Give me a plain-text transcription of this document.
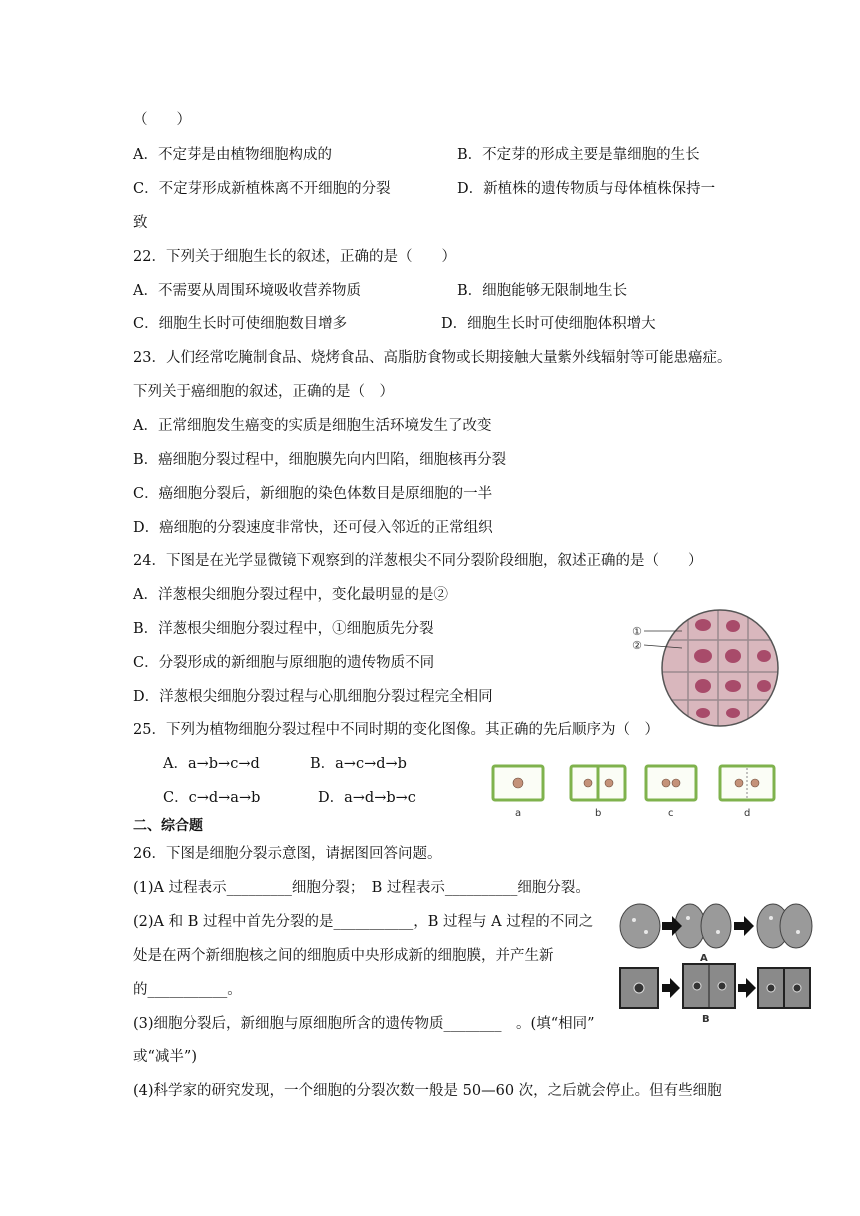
（　　）
A．不定芽是由植物细胞构成的	B．不定芽的形成主要是靠细胞的生长
C．不定芽形成新植株离不开细胞的分裂	D．新植株的遗传物质与母体植株保持一
致
22．下列关于细胞生长的叙述，正确的是（　　）
A．不需要从周围环境吸收营养物质	B．细胞能够无限制地生长
C．细胞生长时可使细胞数目增多	D．细胞生长时可使细胞体积增大
23．人们经常吃腌制食品、烧烤食品、高脂肪食物或长期接触大量紫外线辐射等可能患癌症。
下列关于癌细胞的叙述，正确的是（　）
A．正常细胞发生癌变的实质是细胞生活环境发生了改变
B．癌细胞分裂过程中，细胞膜先向内凹陷，细胞核再分裂
C．癌细胞分裂后，新细胞的染色体数目是原细胞的一半
D．癌细胞的分裂速度非常快，还可侵入邻近的正常组织
24．下图是在光学显微镜下观察到的洋葱根尖不同分裂阶段细胞，叙述正确的是（　　）
A．洋葱根尖细胞分裂过程中，变化最明显的是②
B．洋葱根尖细胞分裂过程中，①细胞质先分裂
C．分裂形成的新细胞与原细胞的遗传物质不同
D．洋葱根尖细胞分裂过程与心肌细胞分裂过程完全相同
①
②
25．下列为植物细胞分裂过程中不同时期的变化图像。其正确的先后顺序为（　）
A．a→b→c→d	B．a→c→d→b
C．c→d→a→b	D．a→d→b→c
a	b	c	d
二、综合题
26．下图是细胞分裂示意图，请据图回答问题。
(1)A 过程表示_________细胞分裂；　B 过程表示__________细胞分裂。
(2)A 和 B 过程中首先分裂的是___________，B 过程与 A 过程的不同之
处是在两个新细胞核之间的细胞质中央形成新的细胞膜，并产生新
的___________。
(3)细胞分裂后，新细胞与原细胞所含的遗传物质________　。(填“相同”
或“减半”)
(4)科学家的研究发现，一个细胞的分裂次数一般是 50—60 次，之后就会停止。但有些细胞
A
B
